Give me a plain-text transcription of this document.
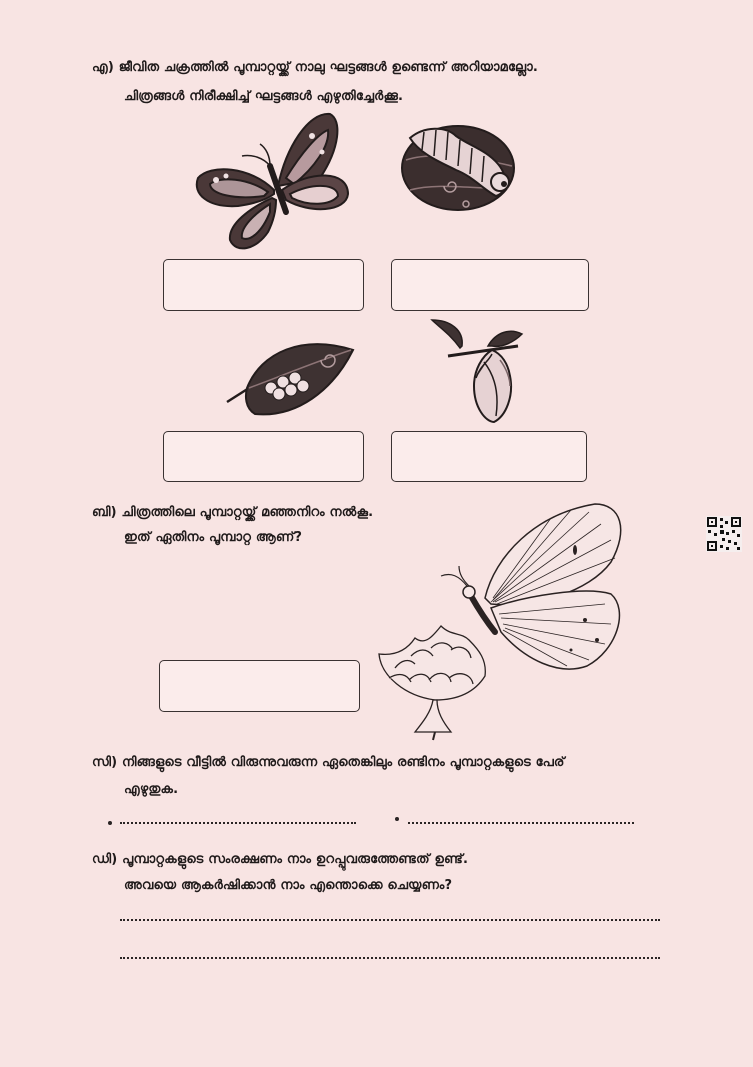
എ) ജീവിത ചക്രത്തിൽ പൂമ്പാറ്റയ്ക്ക് നാലു ഘട്ടങ്ങൾ ഉണ്ടെന്ന് അറിയാമല്ലോ.
ചിത്രങ്ങൾ നിരീക്ഷിച്ച് ഘട്ടങ്ങൾ എഴുതിച്ചേർക്കൂ.
ബി) ചിത്രത്തിലെ പൂമ്പാറ്റയ്ക്ക് മഞ്ഞനിറം നൽകൂ.
ഇത് ഏതിനം പൂമ്പാറ്റ ആണ്?
സി) നിങ്ങളുടെ വീട്ടിൽ വിരുന്നുവരുന്ന ഏതെങ്കിലും രണ്ടിനം പൂമ്പാറ്റകളുടെ പേര്
എഴുതുക.
ഡി) പൂമ്പാറ്റകളുടെ സംരക്ഷണം നാം ഉറപ്പുവരുത്തേണ്ടത് ഉണ്ട്.
അവയെ ആകർഷിക്കാൻ നാം എന്തൊക്കെ ചെയ്യണം?
